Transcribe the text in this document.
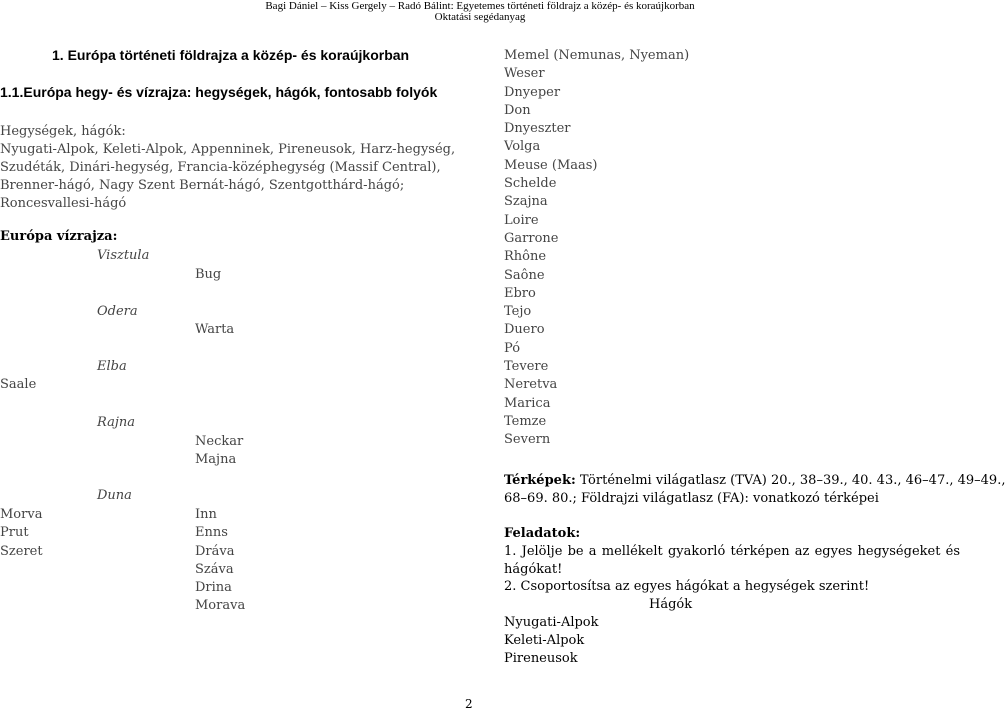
Bagi Dániel – Kiss Gergely – Radó Bálint: Egyetemes történeti földrajz a közép- és koraújkorban
Oktatási segédanyag
1. Európa történeti földrajza a közép- és koraújkorban
1.1.Európa hegy- és vízrajza: hegységek, hágók, fontosabb folyók
Hegységek, hágók:
Nyugati-Alpok, Keleti-Alpok, Appenninek, Pireneusok, Harz-hegység,
Szudéták, Dinári-hegység, Francia-középhegység (Massif Central),
Brenner-hágó, Nagy Szent Bernát-hágó, Szentgotthárd-hágó;
Roncesvallesi-hágó
Európa vízrajza:
Visztula
Odera
Elba
Rajna
Duna
Bug
Warta
Saale
Neckar
Majna
Morva
Prut
Szeret
Inn
Enns
Dráva
Száva
Drina
Morava
Memel (Nemunas, Nyeman)
Weser
Dnyeper
Don
Dnyeszter
Volga
Meuse (Maas)
Schelde
Szajna
Loire
Garrone
Rhône
Saône
Ebro
Tejo
Duero
Pó
Tevere
Neretva
Marica
Temze
Severn
Térképek: Történelmi világatlasz (TVA) 20., 38–39., 40. 43., 46–47., 49–49.,
68–69. 80.; Földrajzi világatlasz (FA): vonatkozó térképei
Feladatok:
1. Jelölje be a mellékelt gyakorló térképen az egyes hegységeket és hágókat!
2. Csoportosítsa az egyes hágókat a hegységek szerint!
Hágók
Nyugati-Alpok
Keleti-Alpok
Pireneusok
2
